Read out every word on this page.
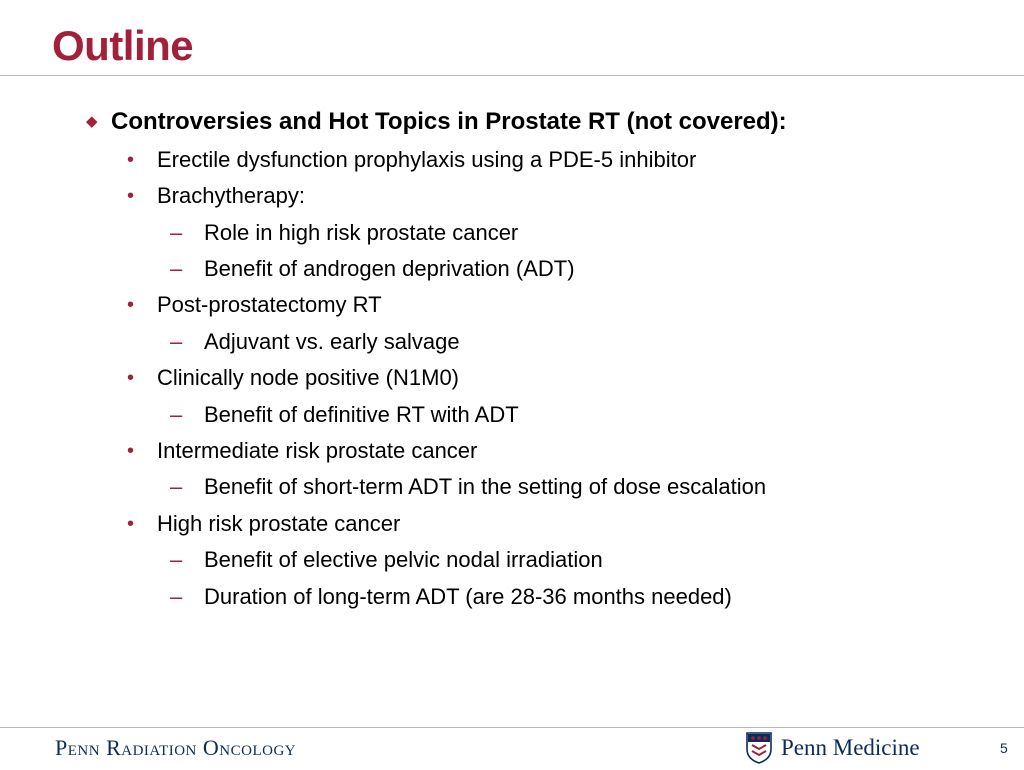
Outline
◆ Controversies and Hot Topics in Prostate RT (not covered):
• Erectile dysfunction prophylaxis using a PDE-5 inhibitor
• Brachytherapy:
– Role in high risk prostate cancer
– Benefit of androgen deprivation (ADT)
• Post-prostatectomy RT
– Adjuvant vs. early salvage
• Clinically node positive (N1M0)
– Benefit of definitive RT with ADT
• Intermediate risk prostate cancer
– Benefit of short-term ADT in the setting of dose escalation
• High risk prostate cancer
– Benefit of elective pelvic nodal irradiation
– Duration of long-term ADT (are 28-36 months needed)
Penn Radiation Oncology	Penn Medicine	5
